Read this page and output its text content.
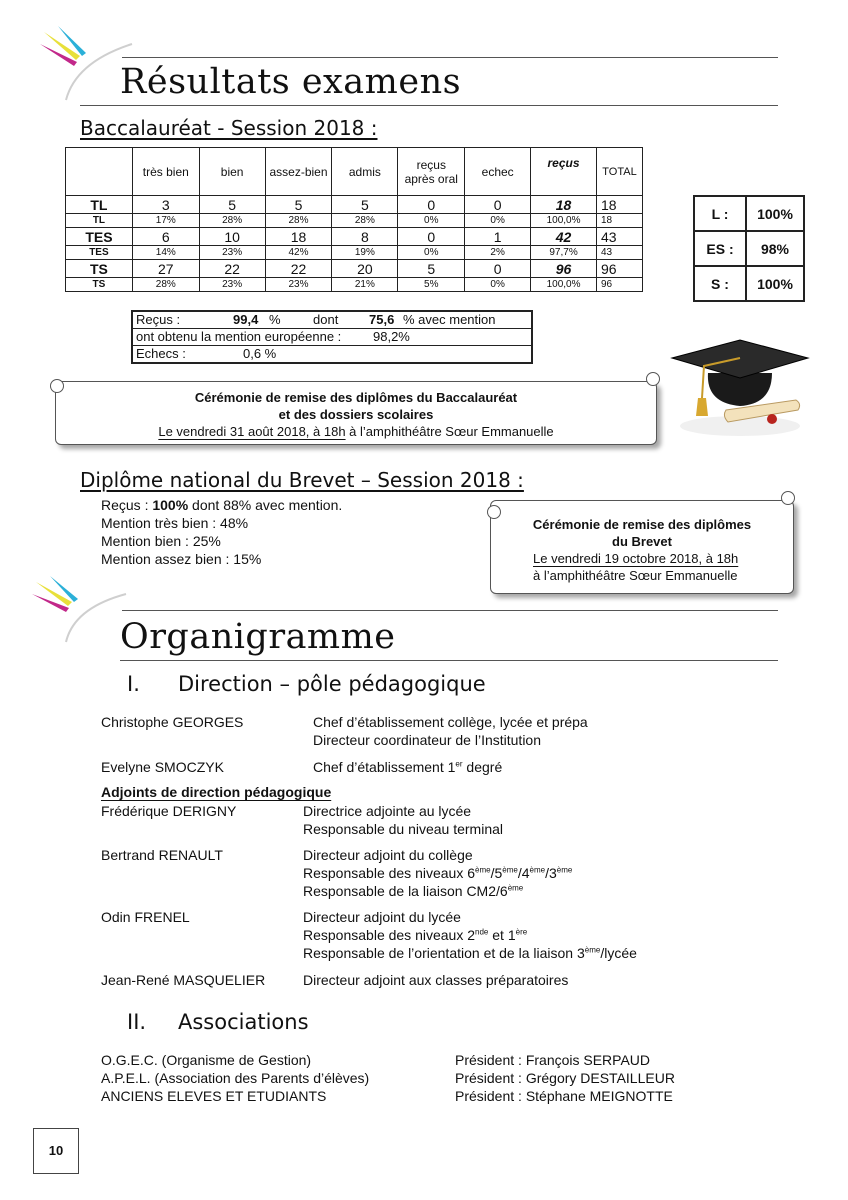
Résultats examens
Baccalauréat - Session 2018 :
	très bien	bien	assez-bien	admis	reçus après oral	echec	reçus	TOTAL
TL	3	5	5	5	0	0	18	18
TL	17%	28%	28%	28%	0%	0%	100,0%	18
TES	6	10	18	8	0	1	42	43
TES	14%	23%	42%	19%	0%	2%	97,7%	43
TS	27	22	22	20	5	0	96	96
TS	28%	23%	23%	21%	5%	0%	100,0%	96
L :	100%
ES :	98%
S :	100%
Reçus :	99,4 % dont 75,6 % avec mention
ont obtenu la mention européenne : 98,2%
Echecs :	0,6 %
Cérémonie de remise des diplômes du Baccalauréat
et des dossiers scolaires
Le vendredi 31 août 2018, à 18h à l’amphithéâtre Sœur Emmanuelle
Diplôme national du Brevet – Session 2018 :
Reçus : 100% dont 88% avec mention.
Mention très bien : 48%
Mention bien : 25%
Mention assez bien : 15%
Cérémonie de remise des diplômes
du Brevet
Le vendredi 19 octobre 2018, à 18h
à l’amphithéâtre Sœur Emmanuelle
Organigramme
I. Direction – pôle pédagogique
Christophe GEORGES	Chef d’établissement collège, lycée et prépa
Directeur coordinateur de l’Institution
Evelyne SMOCZYK	Chef d’établissement 1er degré
Adjoints de direction pédagogique
Frédérique DERIGNY	Directrice adjointe au lycée
Responsable du niveau terminal
Bertrand RENAULT	Directeur adjoint du collège
Responsable des niveaux 6ème/5ème/4ème/3ème
Responsable de la liaison CM2/6ème
Odin FRENEL	Directeur adjoint du lycée
Responsable des niveaux 2nde et 1ère
Responsable de l’orientation et de la liaison 3ème/lycée
Jean-René MASQUELIER	Directeur adjoint aux classes préparatoires
II. Associations
O.G.E.C. (Organisme de Gestion)	Président : François SERPAUD
A.P.E.L. (Association des Parents d’élèves)	Président : Grégory DESTAILLEUR
ANCIENS ELEVES ET ETUDIANTS	Président : Stéphane MEIGNOTTE
10
